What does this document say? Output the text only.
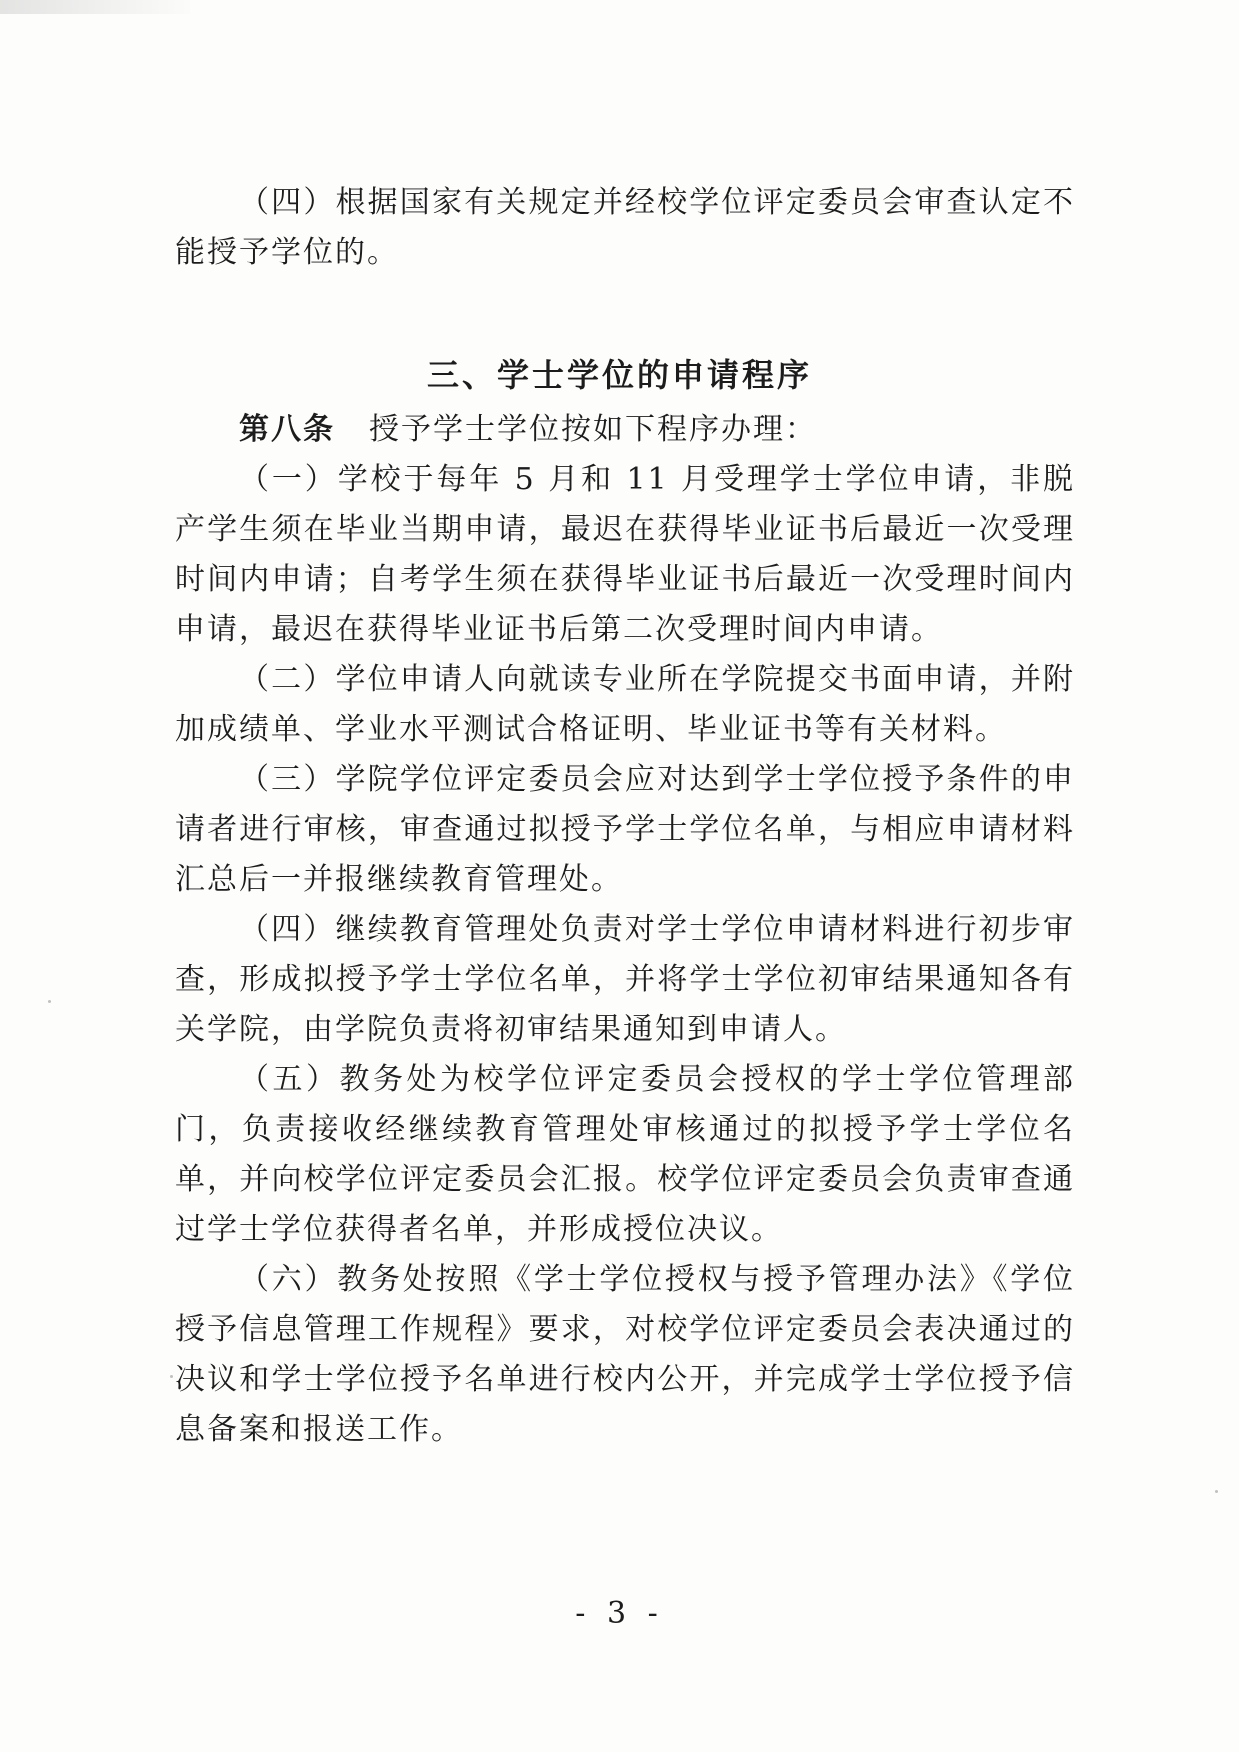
（四）根据国家有关规定并经校学位评定委员会审查认定不能授予学位的。

三、学士学位的申请程序

第八条 授予学士学位按如下程序办理：

（一）学校于每年 5 月和 11 月受理学士学位申请，非脱产学生须在毕业当期申请，最迟在获得毕业证书后最近一次受理时间内申请；自考学生须在获得毕业证书后最近一次受理时间内申请，最迟在获得毕业证书后第二次受理时间内申请。

（二）学位申请人向就读专业所在学院提交书面申请，并附加成绩单、学业水平测试合格证明、毕业证书等有关材料。

（三）学院学位评定委员会应对达到学士学位授予条件的申请者进行审核，审查通过拟授予学士学位名单，与相应申请材料汇总后一并报继续教育管理处。

（四）继续教育管理处负责对学士学位申请材料进行初步审查，形成拟授予学士学位名单，并将学士学位初审结果通知各有关学院，由学院负责将初审结果通知到申请人。

（五）教务处为校学位评定委员会授权的学士学位管理部门，负责接收经继续教育管理处审核通过的拟授予学士学位名单，并向校学位评定委员会汇报。校学位评定委员会负责审查通过学士学位获得者名单，并形成授位决议。

（六）教务处按照《学士学位授权与授予管理办法》《学位授予信息管理工作规程》要求，对校学位评定委员会表决通过的决议和学士学位授予名单进行校内公开，并完成学士学位授予信息备案和报送工作。

- 3 -
